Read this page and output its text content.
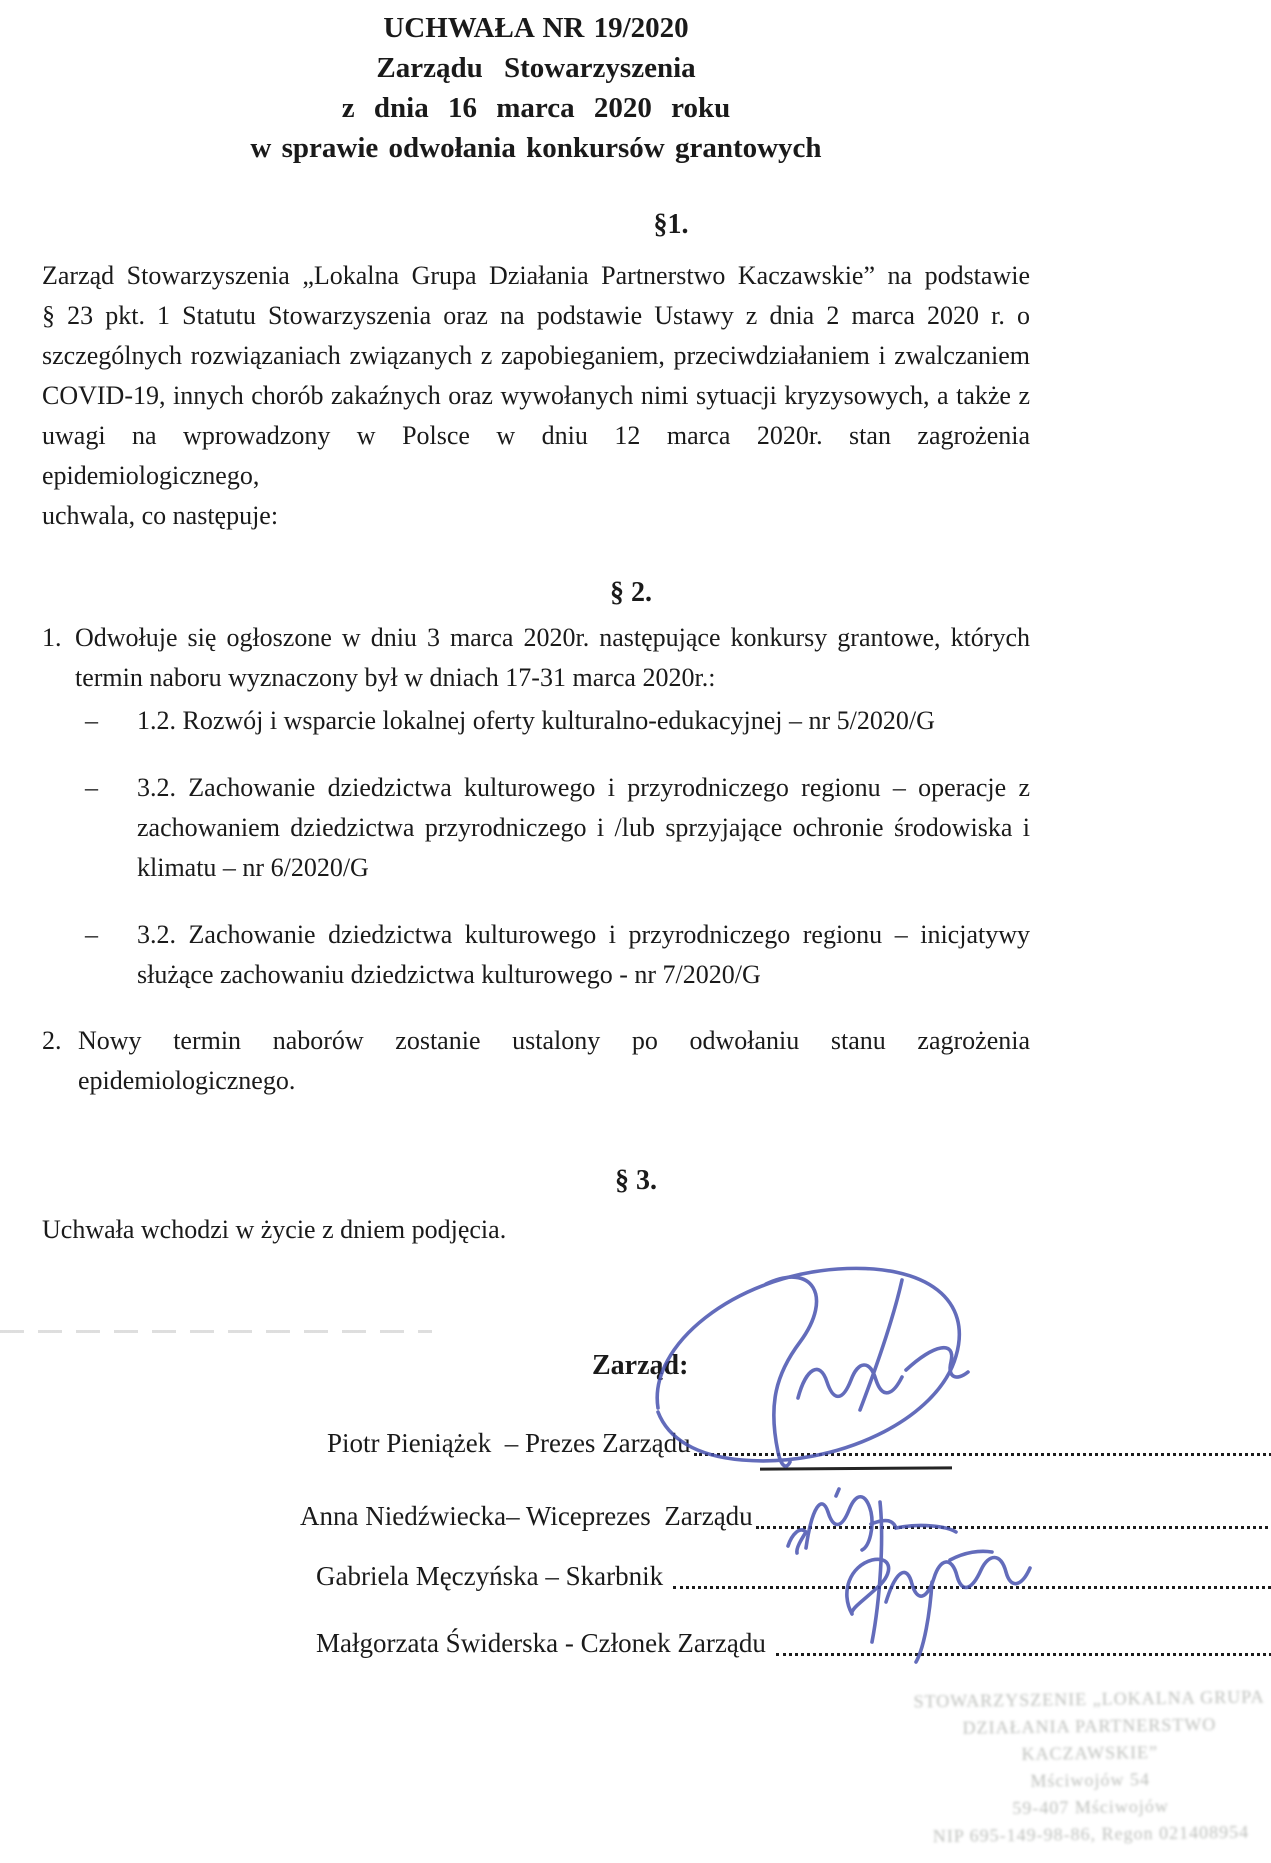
UCHWAŁA NR 19/2020
Zarządu Stowarzyszenia
z dnia 16 marca 2020 roku
w sprawie odwołania konkursów grantowych
§1.
Zarząd Stowarzyszenia „Lokalna Grupa Działania Partnerstwo Kaczawskie” na podstawie
§ 23 pkt. 1 Statutu Stowarzyszenia oraz na podstawie Ustawy z dnia 2 marca 2020 r. o
szczególnych rozwiązaniach związanych z zapobieganiem, przeciwdziałaniem i zwalczaniem
COVID-19, innych chorób zakaźnych oraz wywołanych nimi sytuacji kryzysowych, a także z
uwagi na wprowadzony w Polsce w dniu 12 marca 2020r. stan zagrożenia epidemiologicznego,
uchwala, co następuje:
§ 2.
1. Odwołuje się ogłoszone w dniu 3 marca 2020r. następujące konkursy grantowe, których
termin naboru wyznaczony był w dniach 17-31 marca 2020r.:
– 1.2. Rozwój i wsparcie lokalnej oferty kulturalno-edukacyjnej – nr 5/2020/G
– 3.2. Zachowanie dziedzictwa kulturowego i przyrodniczego regionu – operacje z
zachowaniem dziedzictwa przyrodniczego i /lub sprzyjające ochronie środowiska i
klimatu – nr 6/2020/G
– 3.2. Zachowanie dziedzictwa kulturowego i przyrodniczego regionu – inicjatywy
służące zachowaniu dziedzictwa kulturowego - nr 7/2020/G
2. Nowy termin naborów zostanie ustalony po odwołaniu stanu zagrożenia
epidemiologicznego.
§ 3.
Uchwała wchodzi w życie z dniem podjęcia.
Zarząd:
Piotr Pieniążek  – Prezes Zarządu
Anna Niedźwiecka– Wiceprezes  Zarządu
Gabriela Męczyńska – Skarbnik
Małgorzata Świderska - Członek Zarządu
STOWARZYSZENIE „LOKALNA GRUPA
DZIAŁANIA PARTNERSTWO KACZAWSKIE”
Mściwojów 54
59-407 Mściwojów
NIP 695-149-98-86, Regon 021408954
